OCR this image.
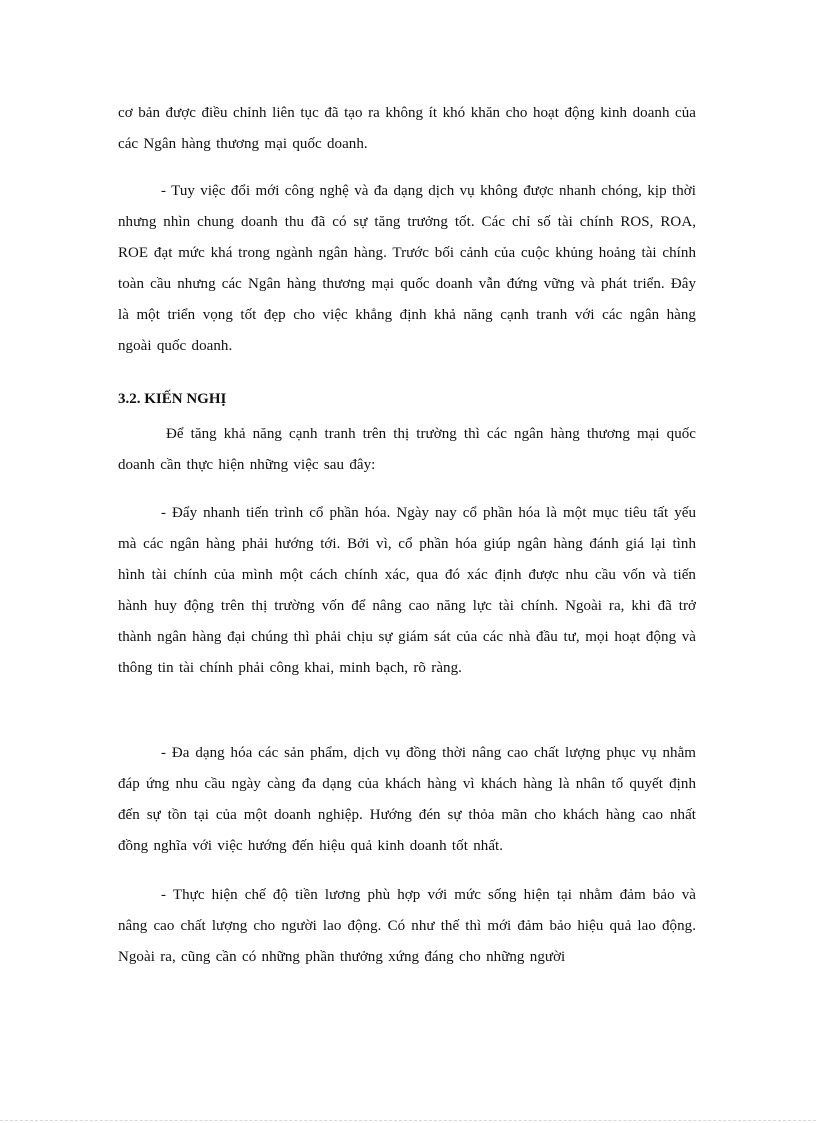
cơ bản được điều chỉnh liên tục đã tạo ra không ít khó khăn cho hoạt động kinh doanh của các Ngân hàng thương mại quốc doanh.

- Tuy việc đổi mới công nghệ và đa dạng dịch vụ không được nhanh chóng, kịp thời nhưng nhìn chung doanh thu đã có sự tăng trưởng tốt. Các chỉ số tài chính ROS, ROA, ROE đạt mức khá trong ngành ngân hàng. Trước bối cảnh của cuộc khủng hoảng tài chính toàn cầu nhưng các Ngân hàng thương mại quốc doanh vẫn đứng vững và phát triển. Đây là một triển vọng tốt đẹp cho việc khẳng định khả năng cạnh tranh với các ngân hàng ngoài quốc doanh.

3.2. KIẾN NGHỊ

Để tăng khả năng cạnh tranh trên thị trường thì các ngân hàng thương mại quốc doanh cần thực hiện những việc sau đây:

- Đẩy nhanh tiến trình cổ phần hóa. Ngày nay cổ phần hóa là một mục tiêu tất yếu mà các ngân hàng phải hướng tới. Bởi vì, cổ phần hóa giúp ngân hàng đánh giá lại tình hình tài chính của mình một cách chính xác, qua đó xác định được nhu cầu vốn và tiến hành huy động trên thị trường vốn để nâng cao năng lực tài chính. Ngoài ra, khi đã trở thành ngân hàng đại chúng thì phải chịu sự giám sát của các nhà đầu tư, mọi hoạt động và thông tin tài chính phải công khai, minh bạch, rõ ràng.

- Đa dạng hóa các sản phẩm, dịch vụ đồng thời nâng cao chất lượng phục vụ nhằm đáp ứng nhu cầu ngày càng đa dạng của khách hàng vì khách hàng là nhân tố quyết định đến sự tồn tại của một doanh nghiệp. Hướng đén sự thỏa mãn cho khách hàng cao nhất đồng nghĩa với việc hướng đến hiệu quả kinh doanh tốt nhất.

- Thực hiện chế độ tiền lương phù hợp với mức sống hiện tại nhằm đảm bảo và nâng cao chất lượng cho người lao động. Có như thế thì mới đảm bảo hiệu quả lao động. Ngoài ra, cũng cần có những phần thưởng xứng đáng cho những người
